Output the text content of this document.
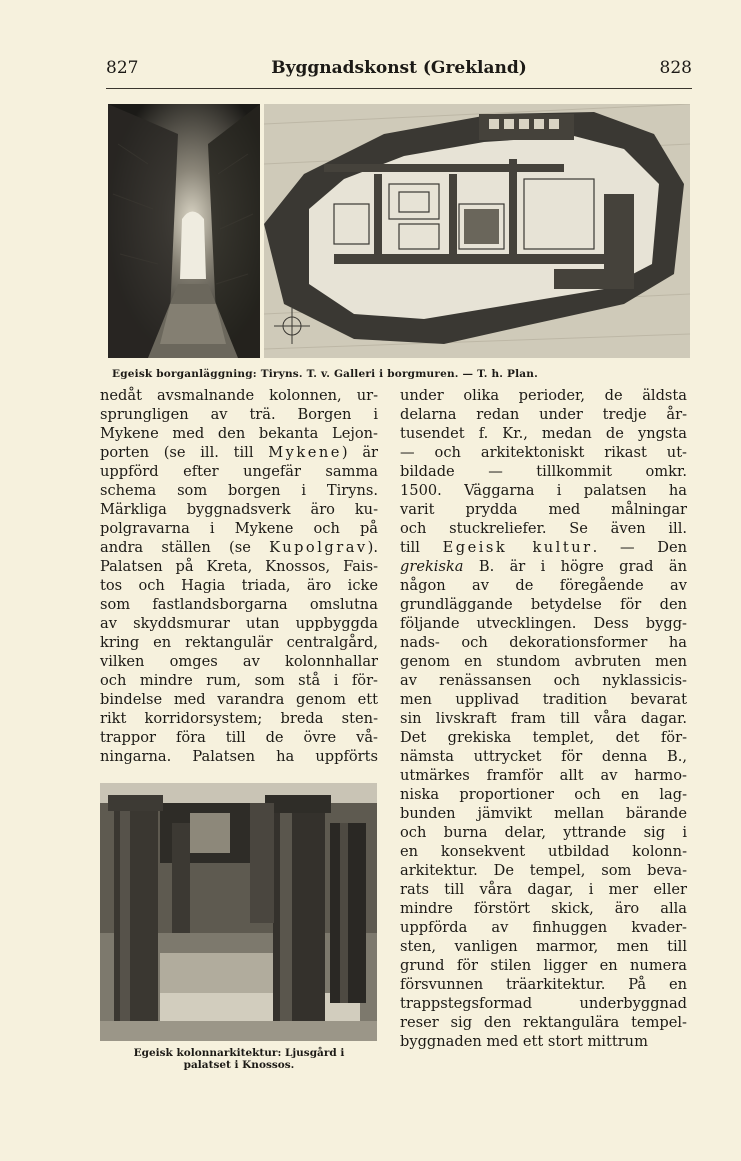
827	Byggnadskonst (Grekland)	828
Egeisk borganläggning: Tiryns. T. v. Galleri i borgmuren. — T. h. Plan.
nedåt avsmalnande kolonnen, ur-
sprungligen av trä. Borgen i
Mykene med den bekanta Lejon-
porten (se ill. till Mykene) är
uppförd efter ungefär samma
schema som borgen i Tiryns.
Märkliga byggnadsverk äro ku-
polgravarna i Mykene och på
andra ställen (se Kupolgrav).
Palatsen på Kreta, Knossos, Fais-
tos och Hagia triada, äro icke
som fastlandsborgarna omslutna
av skyddsmurar utan uppbyggda
kring en rektangulär centralgård,
vilken omges av kolonnhallar
och mindre rum, som stå i för-
bindelse med varandra genom ett
rikt korridorsystem; breda sten-
trappor föra till de övre vå-
ningarna. Palatsen ha uppförts
Egeisk kolonnarkitektur: Ljusgård i
palatset i Knossos.
under olika perioder, de äldsta
delarna redan under tredje år-
tusendet f. Kr., medan de yngsta
— och arkitektoniskt rikast ut-
bildade — tillkommit omkr.
1500. Väggarna i palatsen ha
varit prydda med målningar
och stuckreliefer. Se även ill.
till Egeisk kultur. — Den
grekiska B. är i högre grad än
någon av de föregående av
grundläggande betydelse för den
följande utvecklingen. Dess bygg-
nads- och dekorationsformer ha
genom en stundom avbruten men
av renässansen och nyklassicis-
men upplivad tradition bevarat
sin livskraft fram till våra dagar.
Det grekiska templet, det för-
nämsta uttrycket för denna B.,
utmärkes framför allt av harmo-
niska proportioner och en lag-
bunden jämvikt mellan bärande
och burna delar, yttrande sig i
en konsekvent utbildad kolonn-
arkitektur. De tempel, som beva-
rats till våra dagar, i mer eller
mindre förstört skick, äro alla
uppförda av finhuggen kvader-
sten, vanligen marmor, men till
grund för stilen ligger en numera
försvunnen träarkitektur. På en
trappstegsformad underbyggnad
reser sig den rektangulära tempel-
byggnaden med ett stort mittrum
